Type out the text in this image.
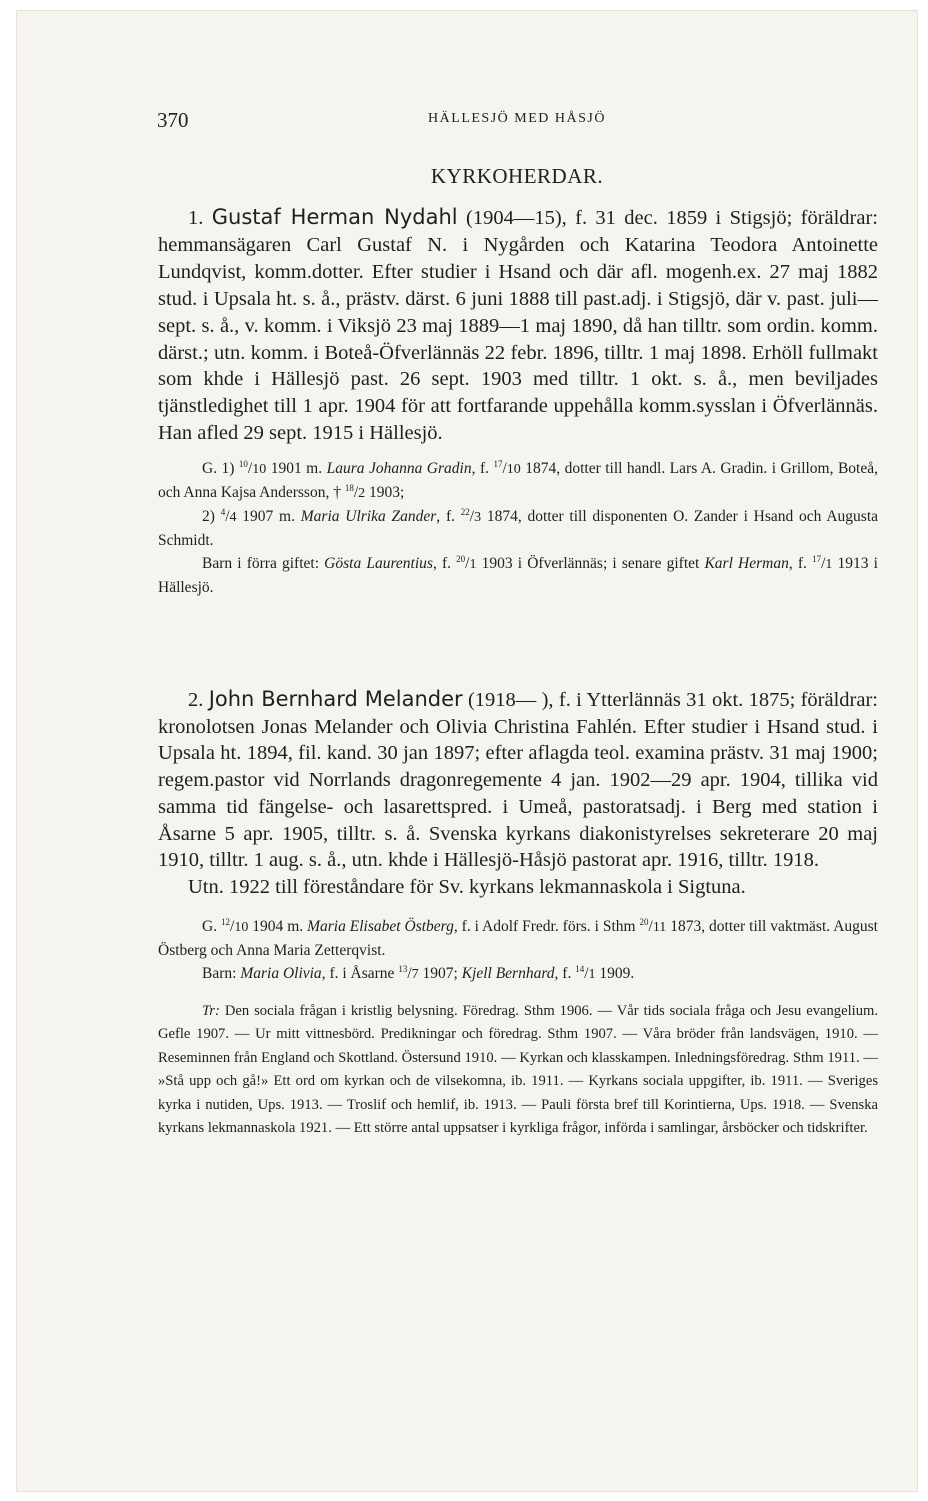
370	HÄLLESJÖ MED HÅSJÖ
KYRKOHERDAR.

1. Gustaf Herman Nydahl (1904—15), f. 31 dec. 1859 i Stigsjö; föräldrar: hemmansägaren Carl Gustaf N. i Nygården och Katarina Teodora Antoinette Lundqvist, komm.dotter. Efter studier i Hsand och där afl. mogenh.ex. 27 maj 1882 stud. i Upsala ht. s. å., prästv. därst. 6 juni 1888 till past.adj. i Stigsjö, där v. past. juli—sept. s. å., v. komm. i Viksjö 23 maj 1889—1 maj 1890, då han tilltr. som ordin. komm. därst.; utn. komm. i Boteå-Öfverlännäs 22 febr. 1896, tilltr. 1 maj 1898. Erhöll fullmakt som khde i Hällesjö past. 26 sept. 1903 med tilltr. 1 okt. s. å., men beviljades tjänstledighet till 1 apr. 1904 för att fortfarande uppehålla komm.sysslan i Öfverlännäs. Han afled 29 sept. 1915 i Hällesjö.

G. 1) $^{10}$/10 1901 m. Laura Johanna Gradin, f. $^{17}$/10 1874, dotter till handl. Lars A. Gradin. i Grillom, Boteå, och Anna Kajsa Andersson, † $^{18}$/2 1903;

2) $^4$/4 1907 m. Maria Ulrika Zander, f. $^{22}$/3 1874, dotter till disponenten O. Zander i Hsand och Augusta Schmidt.

Barn i förra giftet: Gösta Laurentius, f. $^{20}$/1 1903 i Öfverlännäs; i senare giftet Karl Herman, f. $^{17}$/1 1913 i Hällesjö.

2. John Bernhard Melander (1918— ), f. i Ytterlännäs 31 okt. 1875; föräldrar: kronolotsen Jonas Melander och Olivia Christina Fahlén. Efter studier i Hsand stud. i Upsala ht. 1894, fil. kand. 30 jan 1897; efter aflagda teol. examina prästv. 31 maj 1900; regem.pastor vid Norrlands dragonregemente 4 jan. 1902—29 apr. 1904, tillika vid samma tid fängelse- och lasarettspred. i Umeå, pastoratsadj. i Berg med station i Åsarne 5 apr. 1905, tilltr. s. å. Svenska kyrkans diakonistyrelses sekreterare 20 maj 1910, tilltr. 1 aug. s. å., utn. khde i Hällesjö-Håsjö pastorat apr. 1916, tilltr. 1918.

Utn. 1922 till föreståndare för Sv. kyrkans lekmannaskola i Sigtuna.

G. $^{12}$/10 1904 m. Maria Elisabet Östberg, f. i Adolf Fredr. förs. i Sthm $^{20}$/11 1873, dotter till vaktmäst. August Östberg och Anna Maria Zetterqvist.

Barn: Maria Olivia, f. i Åsarne $^{13}$/7 1907; Kjell Bernhard, f. $^{14}$/1 1909.

Tr: Den sociala frågan i kristlig belysning. Föredrag. Sthm 1906. — Vår tids sociala fråga och Jesu evangelium. Gefle 1907. — Ur mitt vittnesbörd. Predikningar och föredrag. Sthm 1907. — Våra bröder från landsvägen, 1910. — Reseminnen från England och Skottland. Östersund 1910. — Kyrkan och klasskampen. Inledningsföredrag. Sthm 1911. — »Stå upp och gå!» Ett ord om kyrkan och de vilsekomna, ib. 1911. — Kyrkans sociala uppgifter, ib. 1911. — Sveriges kyrka i nutiden, Ups. 1913. — Troslif och hemlif, ib. 1913. — Pauli första bref till Korintierna, Ups. 1918. — Svenska kyrkans lekmannaskola 1921. — Ett större antal uppsatser i kyrkliga frågor, införda i samlingar, årsböcker och tidskrifter.
